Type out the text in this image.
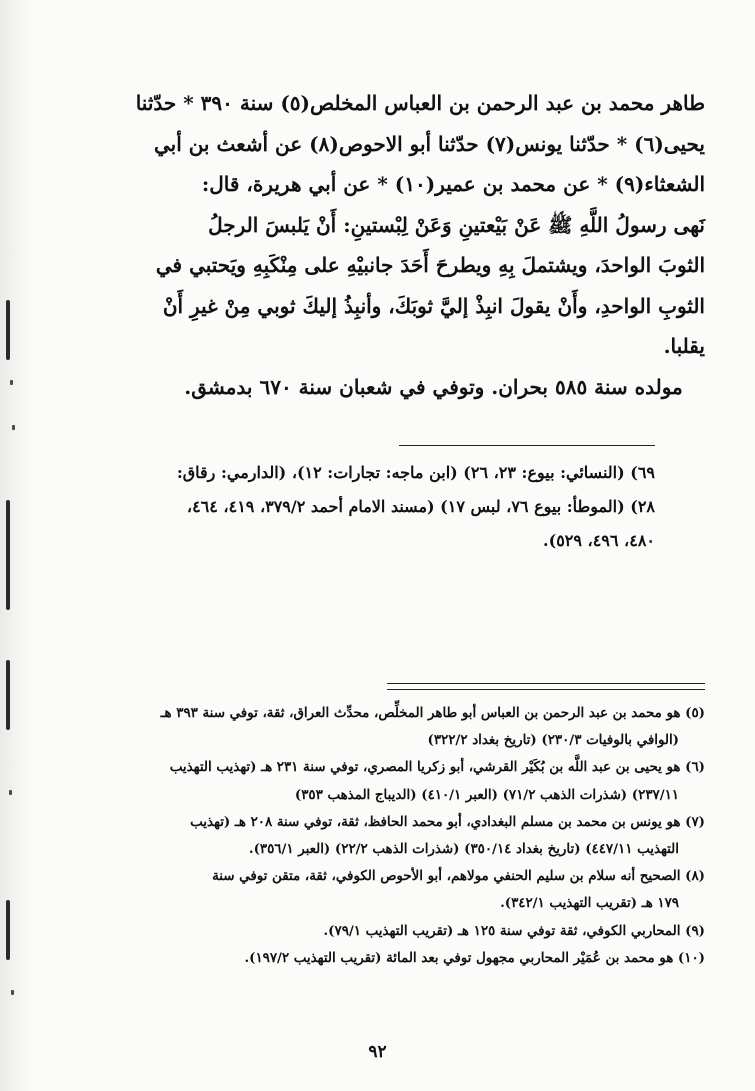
طاهر محمد بن عبد الرحمن بن العباس المخلص(٥) سنة ٣٩٠ * حدّثنا

يحيى(٦) * حدّثنا يونس(٧) حدّثنا أبو الاحوص(٨) عن أشعث بن أبي

الشعثاء(٩) * عن محمد بن عمير(١٠) * عن أبي هريرة، قال:

نَهى رسولُ اللَّهِ ﷺ عَنْ بَيْعتينِ وَعَنْ لِبْستينِ: أَنْ يَلبسَ الرجلُ

الثوبَ الواحدَ، ويشتملَ بِهِ ويطرحَ أَحَدَ جانبيْهِ على مِنْكَبِهِ ويَحتبي في

الثوبِ الواحدِ، وأَنْ يقولَ انبِذْ إليَّ ثوبَكَ، وأنبِذُ إليكَ ثوبي مِنْ غيرِ أَنْ

يقلبا.

مولده سنة ٥٨٥ بحران. وتوفي في شعبان سنة ٦٧٠ بدمشق.

٦٩) (النسائي: بيوع: ٢٣، ٢٦) (ابن ماجه: تجارات: ١٢)، (الدارمي: رقاق:

٢٨) (الموطأ: بيوع ٧٦، لبس ١٧) (مسند الامام أحمد ٣٧٩/٢، ٤١٩، ٤٦٤،

٤٨٠، ٤٩٦، ٥٢٩).

(٥) هو محمد بن عبد الرحمن بن العباس أبو طاهر المخلِّص، محدِّث العراق، ثقة، توفي سنة ٣٩٣ هـ

(الوافي بالوفيات ٢٣٠/٣) (تاريخ بغداد ٣٢٢/٢)

(٦) هو يحيى بن عبد اللَّه بن بُكَيْر القرشي، أبو زكريا المصري، توفي سنة ٢٣١ هـ (تهذيب التهذيب

٢٣٧/١١) (شذرات الذهب ٧١/٢) (العبر ٤١٠/١) (الديباج المذهب ٣٥٣)

(٧) هو يونس بن محمد بن مسلم البغدادي، أبو محمد الحافظ، ثقة، توفي سنة ٢٠٨ هـ (تهذيب

التهذيب ٤٤٧/١١) (تاريخ بغداد ٣٥٠/١٤) (شذرات الذهب ٢٢/٢) (العبر ٣٥٦/١).

(٨) الصحيح أنه سلام بن سليم الحنفي مولاهم، أبو الأحوص الكوفي، ثقة، متقن توفي سنة

١٧٩ هـ (تقريب التهذيب ٣٤٢/١).

(٩) المحاربي الكوفي، ثقة توفي سنة ١٢٥ هـ (تقريب التهذيب ٧٩/١).

(١٠) هو محمد بن عُمَيْر المحاربي مجهول توفي بعد المائة (تقريب التهذيب ١٩٧/٢).

٩٢
